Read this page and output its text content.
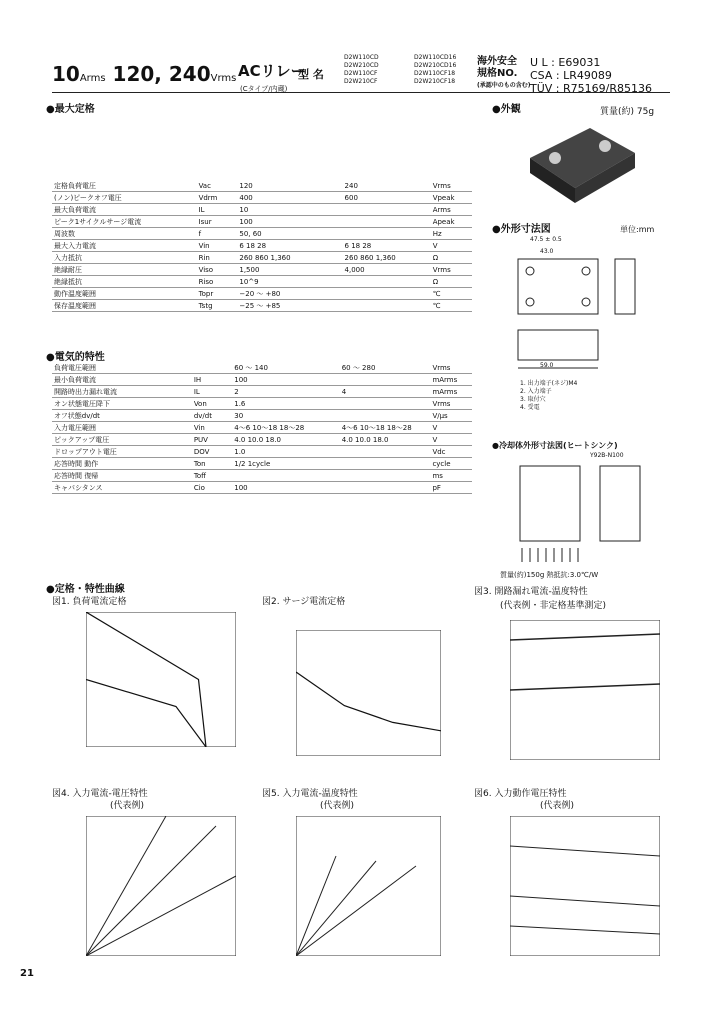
10Arms 120, 240Vrms ACリレー
(Cタイプ/内蔵)
型 名
D2W110CD
D2W210CD
D2W110CF
D2W210CF
D2W110CD16
D2W210CD16
D2W110CF18
D2W210CF18
海外安全
規格NO.
(承認中のもの含む)
U L : E69031
CSA : LR49089
TÜV : R75169/R85136
●最大定格
定格負荷電圧	Vac	120	240	Vrms
(ノン)ピークオフ電圧	Vdrm	400	600	Vpeak
最大負荷電流	IL	10		Arms
ピーク1サイクルサージ電流	Isur	100		Apeak
周波数	f	50, 60		Hz
最大入力電流	Vin	6 18 28	6 18 28	V
入力抵抗	Rin	260 860 1,360	260 860 1,360	Ω
絶縁耐圧	Viso	1,500	4,000	Vrms
絶縁抵抗	Riso	10^9		Ω
動作温度範囲	Topr	−20 〜 +80		℃
保存温度範囲	Tstg	−25 〜 +85		℃
●電気的特性
負荷電圧範囲		60 〜 140	60 〜 280	Vrms
最小負荷電流	IH	100		mArms
開路時出力漏れ電流	IL	2	4	mArms
オン状態電圧降下	Von	1.6		Vrms
オフ状態dv/dt	dv/dt	30		V/μs
入力電圧範囲	Vin	4〜6 10〜18 18〜28	4〜6 10〜18 18〜28	V
ピックアップ電圧	PUV	4.0 10.0 18.0	4.0 10.0 18.0	V
ドロップアウト電圧	DOV	1.0		Vdc
応答時間 動作	Ton	1/2 1cycle		cycle
応答時間 復帰	Toff			ms
キャパシタンス	Cio	100		pF
●外観	質量(約) 75g
●外形寸法図	単位:mm
47.5 ± 0.5
43.0
59.0
1. 出力端子(ネジ)M4
2. 入力端子
3. 取付穴
4. 受電
●冷却体外形寸法図(ヒートシンク)
Y92B-N100
質量(約)150g 熱抵抗:3.0℃/W
●定格・特性曲線
図1. 負荷電流定格	図2. サージ電流定格
図3. 開路漏れ電流-温度特性
(代表例・非定格基準測定)
図4. 入力電流-電圧特性
(代表例)
図5. 入力電流-温度特性
(代表例)
図6. 入力動作電圧特性
(代表例)
21
